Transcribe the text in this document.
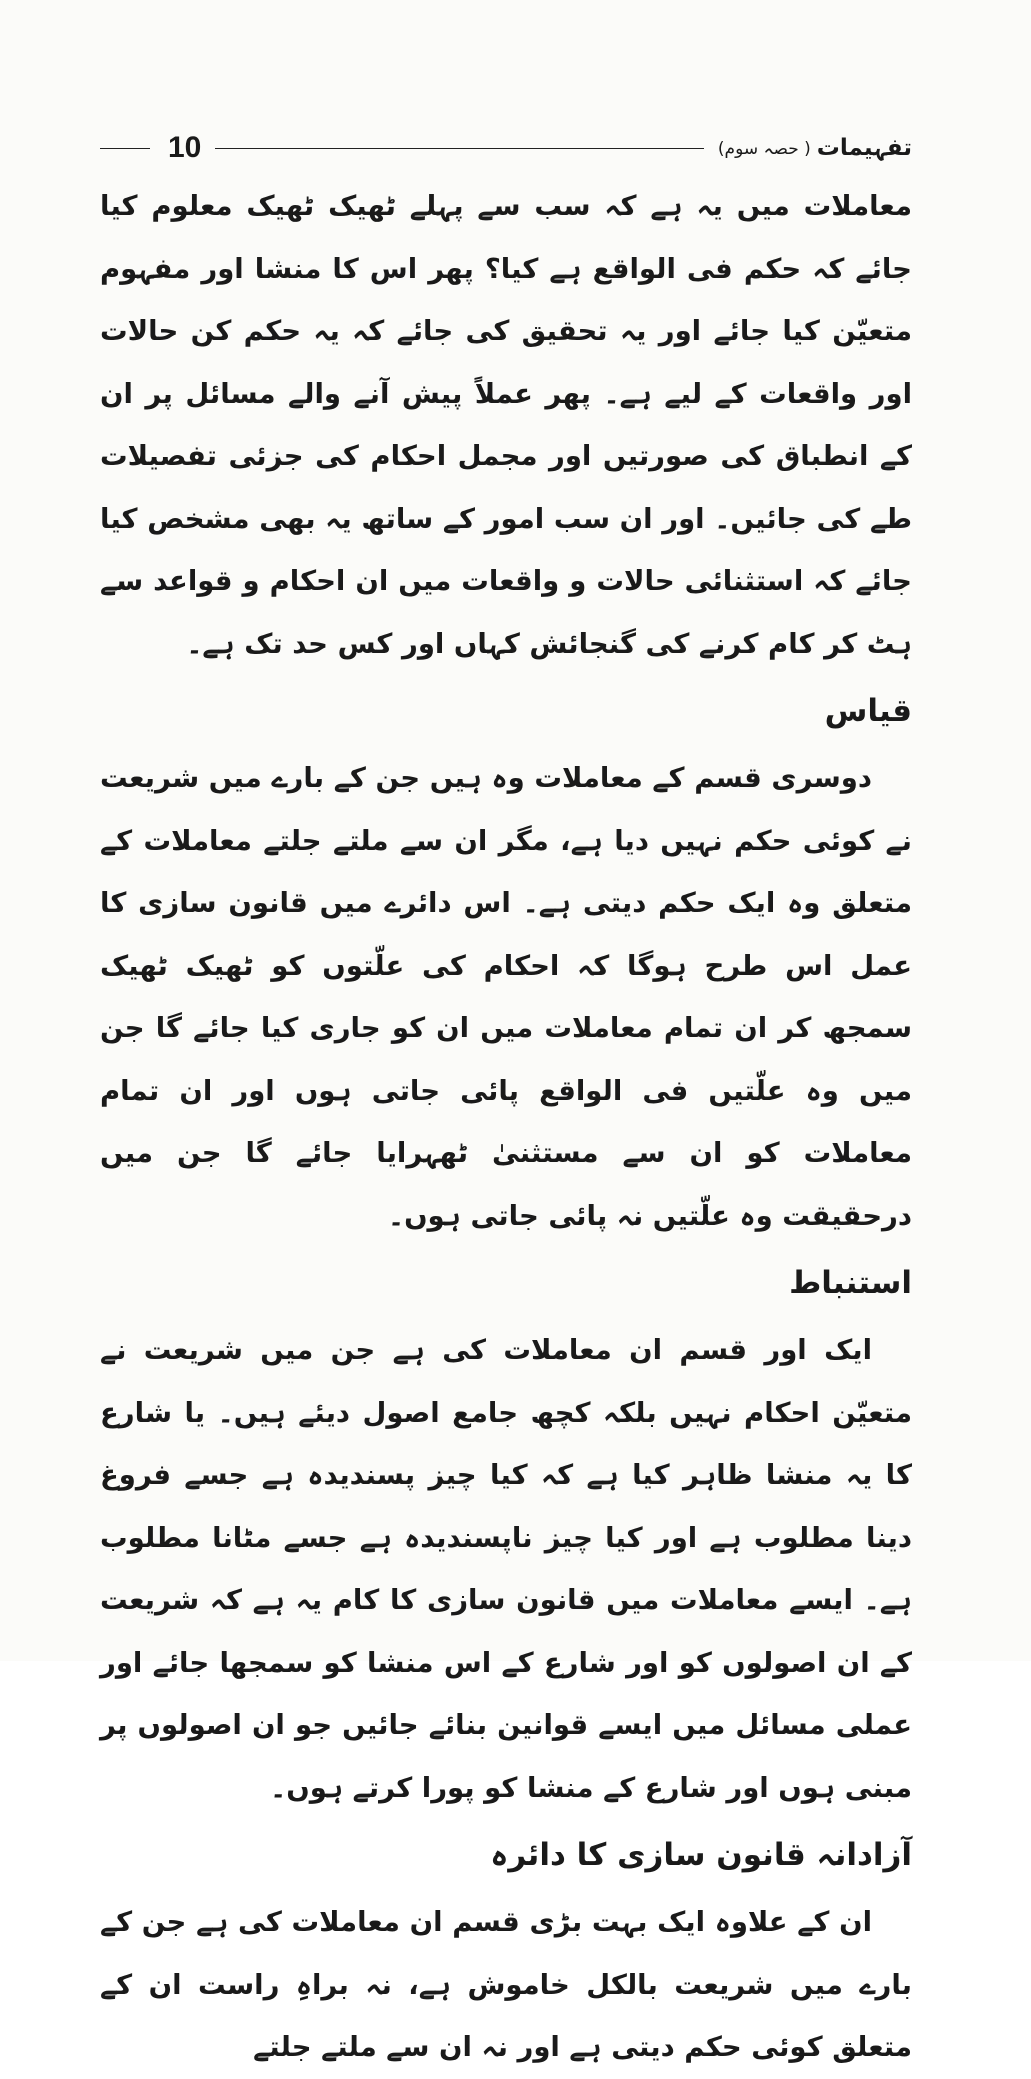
تفہیمات
( حصہ سوم)
10

معاملات میں یہ ہے کہ سب سے پہلے ٹھیک ٹھیک معلوم کیا جائے کہ حکم فی الواقع ہے کیا؟ پھر اس کا منشا اور مفہوم متعیّن کیا جائے اور یہ تحقیق کی جائے کہ یہ حکم کن حالات اور واقعات کے لیے ہے۔ پھر عملاً پیش آنے والے مسائل پر ان کے انطباق کی صورتیں اور مجمل احکام کی جزئی تفصیلات طے کی جائیں۔ اور ان سب امور کے ساتھ یہ بھی مشخص کیا جائے کہ استثنائی حالات و واقعات میں ان احکام و قواعد سے ہٹ کر کام کرنے کی گنجائش کہاں اور کس حد تک ہے۔

قیاس

دوسری قسم کے معاملات وہ ہیں جن کے بارے میں شریعت نے کوئی حکم نہیں دیا ہے، مگر ان سے ملتے جلتے معاملات کے متعلق وہ ایک حکم دیتی ہے۔ اس دائرے میں قانون سازی کا عمل اس طرح ہوگا کہ احکام کی علّتوں کو ٹھیک ٹھیک سمجھ کر ان تمام معاملات میں ان کو جاری کیا جائے گا جن میں وہ علّتیں فی الواقع پائی جاتی ہوں اور ان تمام معاملات کو ان سے مستثنیٰ ٹھہرایا جائے گا جن میں درحقیقت وہ علّتیں نہ پائی جاتی ہوں۔

استنباط

ایک اور قسم ان معاملات کی ہے جن میں شریعت نے متعیّن احکام نہیں بلکہ کچھ جامع اصول دیئے ہیں۔ یا شارع کا یہ منشا ظاہر کیا ہے کہ کیا چیز پسندیدہ ہے جسے فروغ دینا مطلوب ہے اور کیا چیز ناپسندیدہ ہے جسے مٹانا مطلوب ہے۔ ایسے معاملات میں قانون سازی کا کام یہ ہے کہ شریعت کے ان اصولوں کو اور شارع کے اس منشا کو سمجھا جائے اور عملی مسائل میں ایسے قوانین بنائے جائیں جو ان اصولوں پر مبنی ہوں اور شارع کے منشا کو پورا کرتے ہوں۔

آزادانہ قانون سازی کا دائرہ

ان کے علاوہ ایک بہت بڑی قسم ان معاملات کی ہے جن کے بارے میں شریعت بالکل خاموش ہے، نہ براہِ راست ان کے متعلق کوئی حکم دیتی ہے اور نہ ان سے ملتے جلتے
